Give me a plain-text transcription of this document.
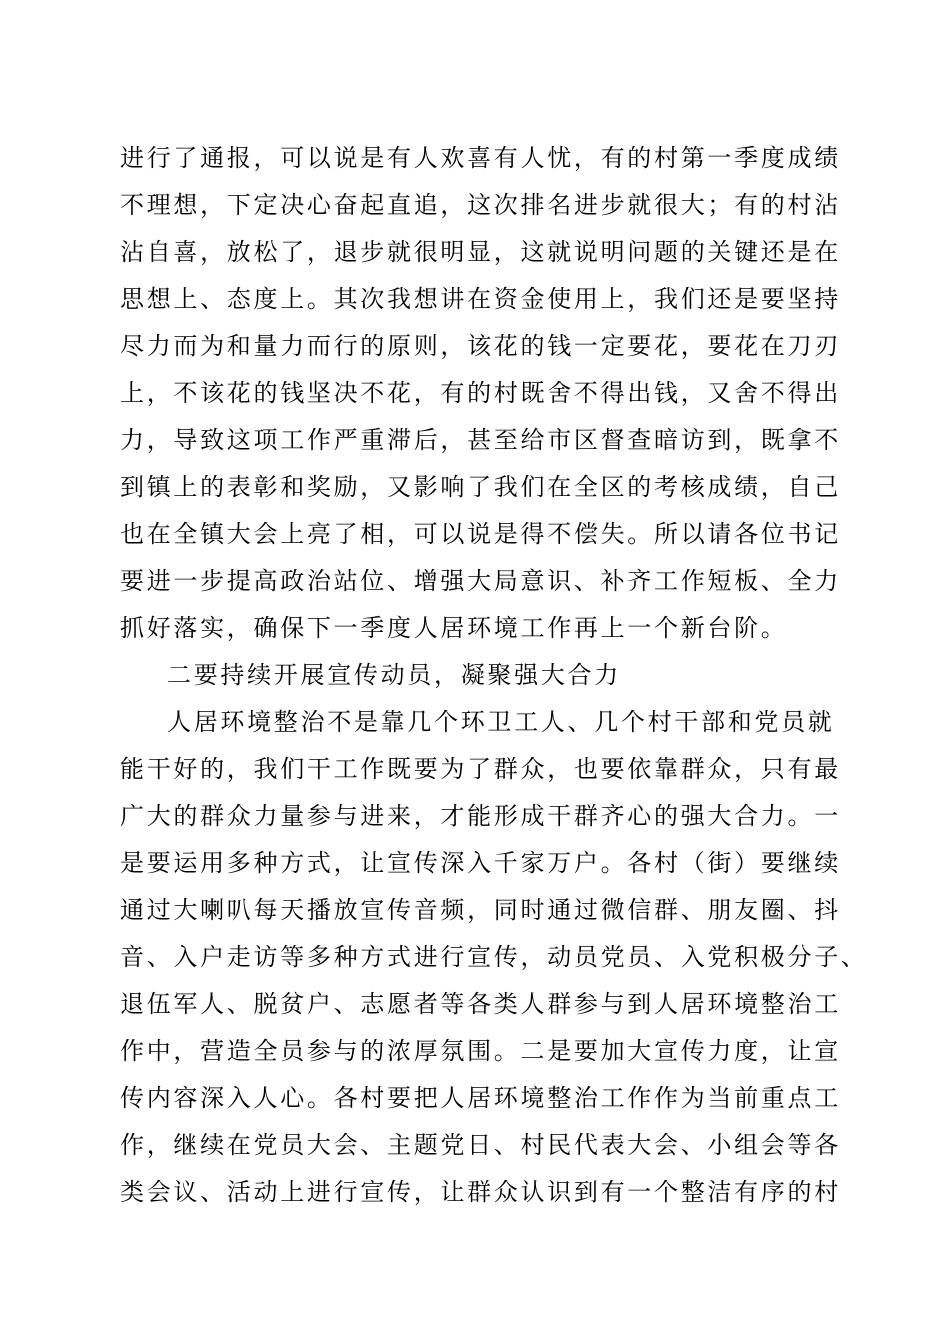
进行了通报，可以说是有人欢喜有人忧，有的村第一季度成绩
不理想，下定决心奋起直追，这次排名进步就很大；有的村沾
沾自喜，放松了，退步就很明显，这就说明问题的关键还是在
思想上、态度上。其次我想讲在资金使用上，我们还是要坚持
尽力而为和量力而行的原则，该花的钱一定要花，要花在刀刃
上，不该花的钱坚决不花，有的村既舍不得出钱，又舍不得出
力，导致这项工作严重滞后，甚至给市区督查暗访到，既拿不
到镇上的表彰和奖励，又影响了我们在全区的考核成绩，自己
也在全镇大会上亮了相，可以说是得不偿失。所以请各位书记
要进一步提高政治站位、增强大局意识、补齐工作短板、全力
抓好落实，确保下一季度人居环境工作再上一个新台阶。
二要持续开展宣传动员，凝聚强大合力
人居环境整治不是靠几个环卫工人、几个村干部和党员就
能干好的，我们干工作既要为了群众，也要依靠群众，只有最
广大的群众力量参与进来，才能形成干群齐心的强大合力。一
是要运用多种方式，让宣传深入千家万户。各村（街）要继续
通过大喇叭每天播放宣传音频，同时通过微信群、朋友圈、抖
音、入户走访等多种方式进行宣传，动员党员、入党积极分子、
退伍军人、脱贫户、志愿者等各类人群参与到人居环境整治工
作中，营造全员参与的浓厚氛围。二是要加大宣传力度，让宣
传内容深入人心。各村要把人居环境整治工作作为当前重点工
作，继续在党员大会、主题党日、村民代表大会、小组会等各
类会议、活动上进行宣传，让群众认识到有一个整洁有序的村
